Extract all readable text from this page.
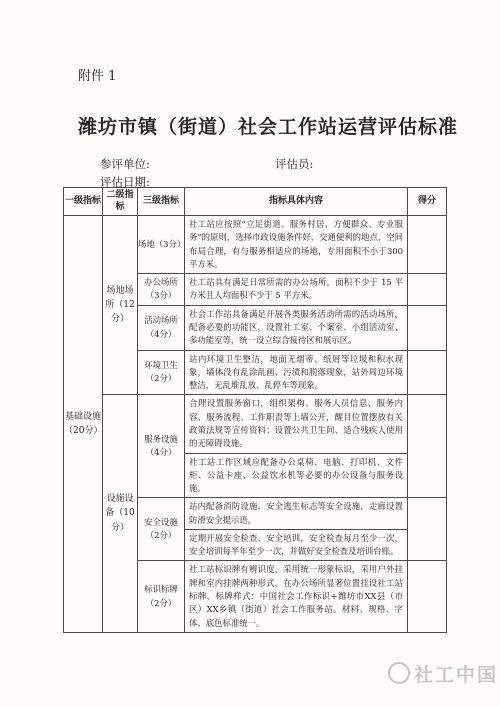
附件 1
潍坊市镇（街道）社会工作站运营评估标准
参评单位:	评估员:
评估日期:
一级指标	二级指标	三级指标	指标具体内容	得分
基础设施（20分）	场地场所（12分）	场地（3分）	社工站应按照“立足街道、服务村居、方便群众、专业服务”的原则，选择市政设施条件好、交通便利的地点，空间布局合理，有与服务相适应的场地，专用面积不小于300平方米。	
		办公场所（3分）	社工站具有满足日常所需的办公场所，面积不少于 15 平方米且人均面积不少于 5 平方米。	
		活动场所（4分）	社会工作站具备满足开展各类服务活动所需的活动场所，配备必要的功能区，设置社工室、个案室、小组活动室、多功能室等，统一设立综合接待区和展示区。	
		环境卫生（2分）	站内环境卫生整洁，地面无烟蒂、纸屑等垃圾和积水现象，墙体没有乱涂乱画、污渍和脱落现象，站外周边环境整洁，无乱堆乱放、乱停车等现象。	
	设施设备（10分）	服务设施（4分）	合理设置服务窗口，组织架构、服务人员信息、服务内容、服务流程、工作职责等上墙公开，醒目位置摆放有关政策法规等宣传资料；设置公共卫生间、适合残疾人使用的无障碍设施。	
			社工站工作区域应配备办公桌椅、电脑、打印机、文件柜、公益卡座、公益饮水机等必要的办公设备与服务设施。	
		安全设施（2分）	站内配备消防设施、安全逃生标志等安全设施，走廊设置防滑安全提示语。	
			定期开展安全检查、安全培训，安全检查每月至少一次，安全培训每半年至少一次，并做好安全检查及培训台账。	
		标识标牌（2分）	社工站标识牌有辨识度，采用统一形象标识，采用户外挂牌和室内挂牌两种形式，在办公场所显著位置挂设社工站标牌，标牌样式：中国社会工作标识+潍坊市XX县（市区）XX乡镇（街道）社会工作服务站。材料、规格、字体、底色标准统一。	
社工中国
